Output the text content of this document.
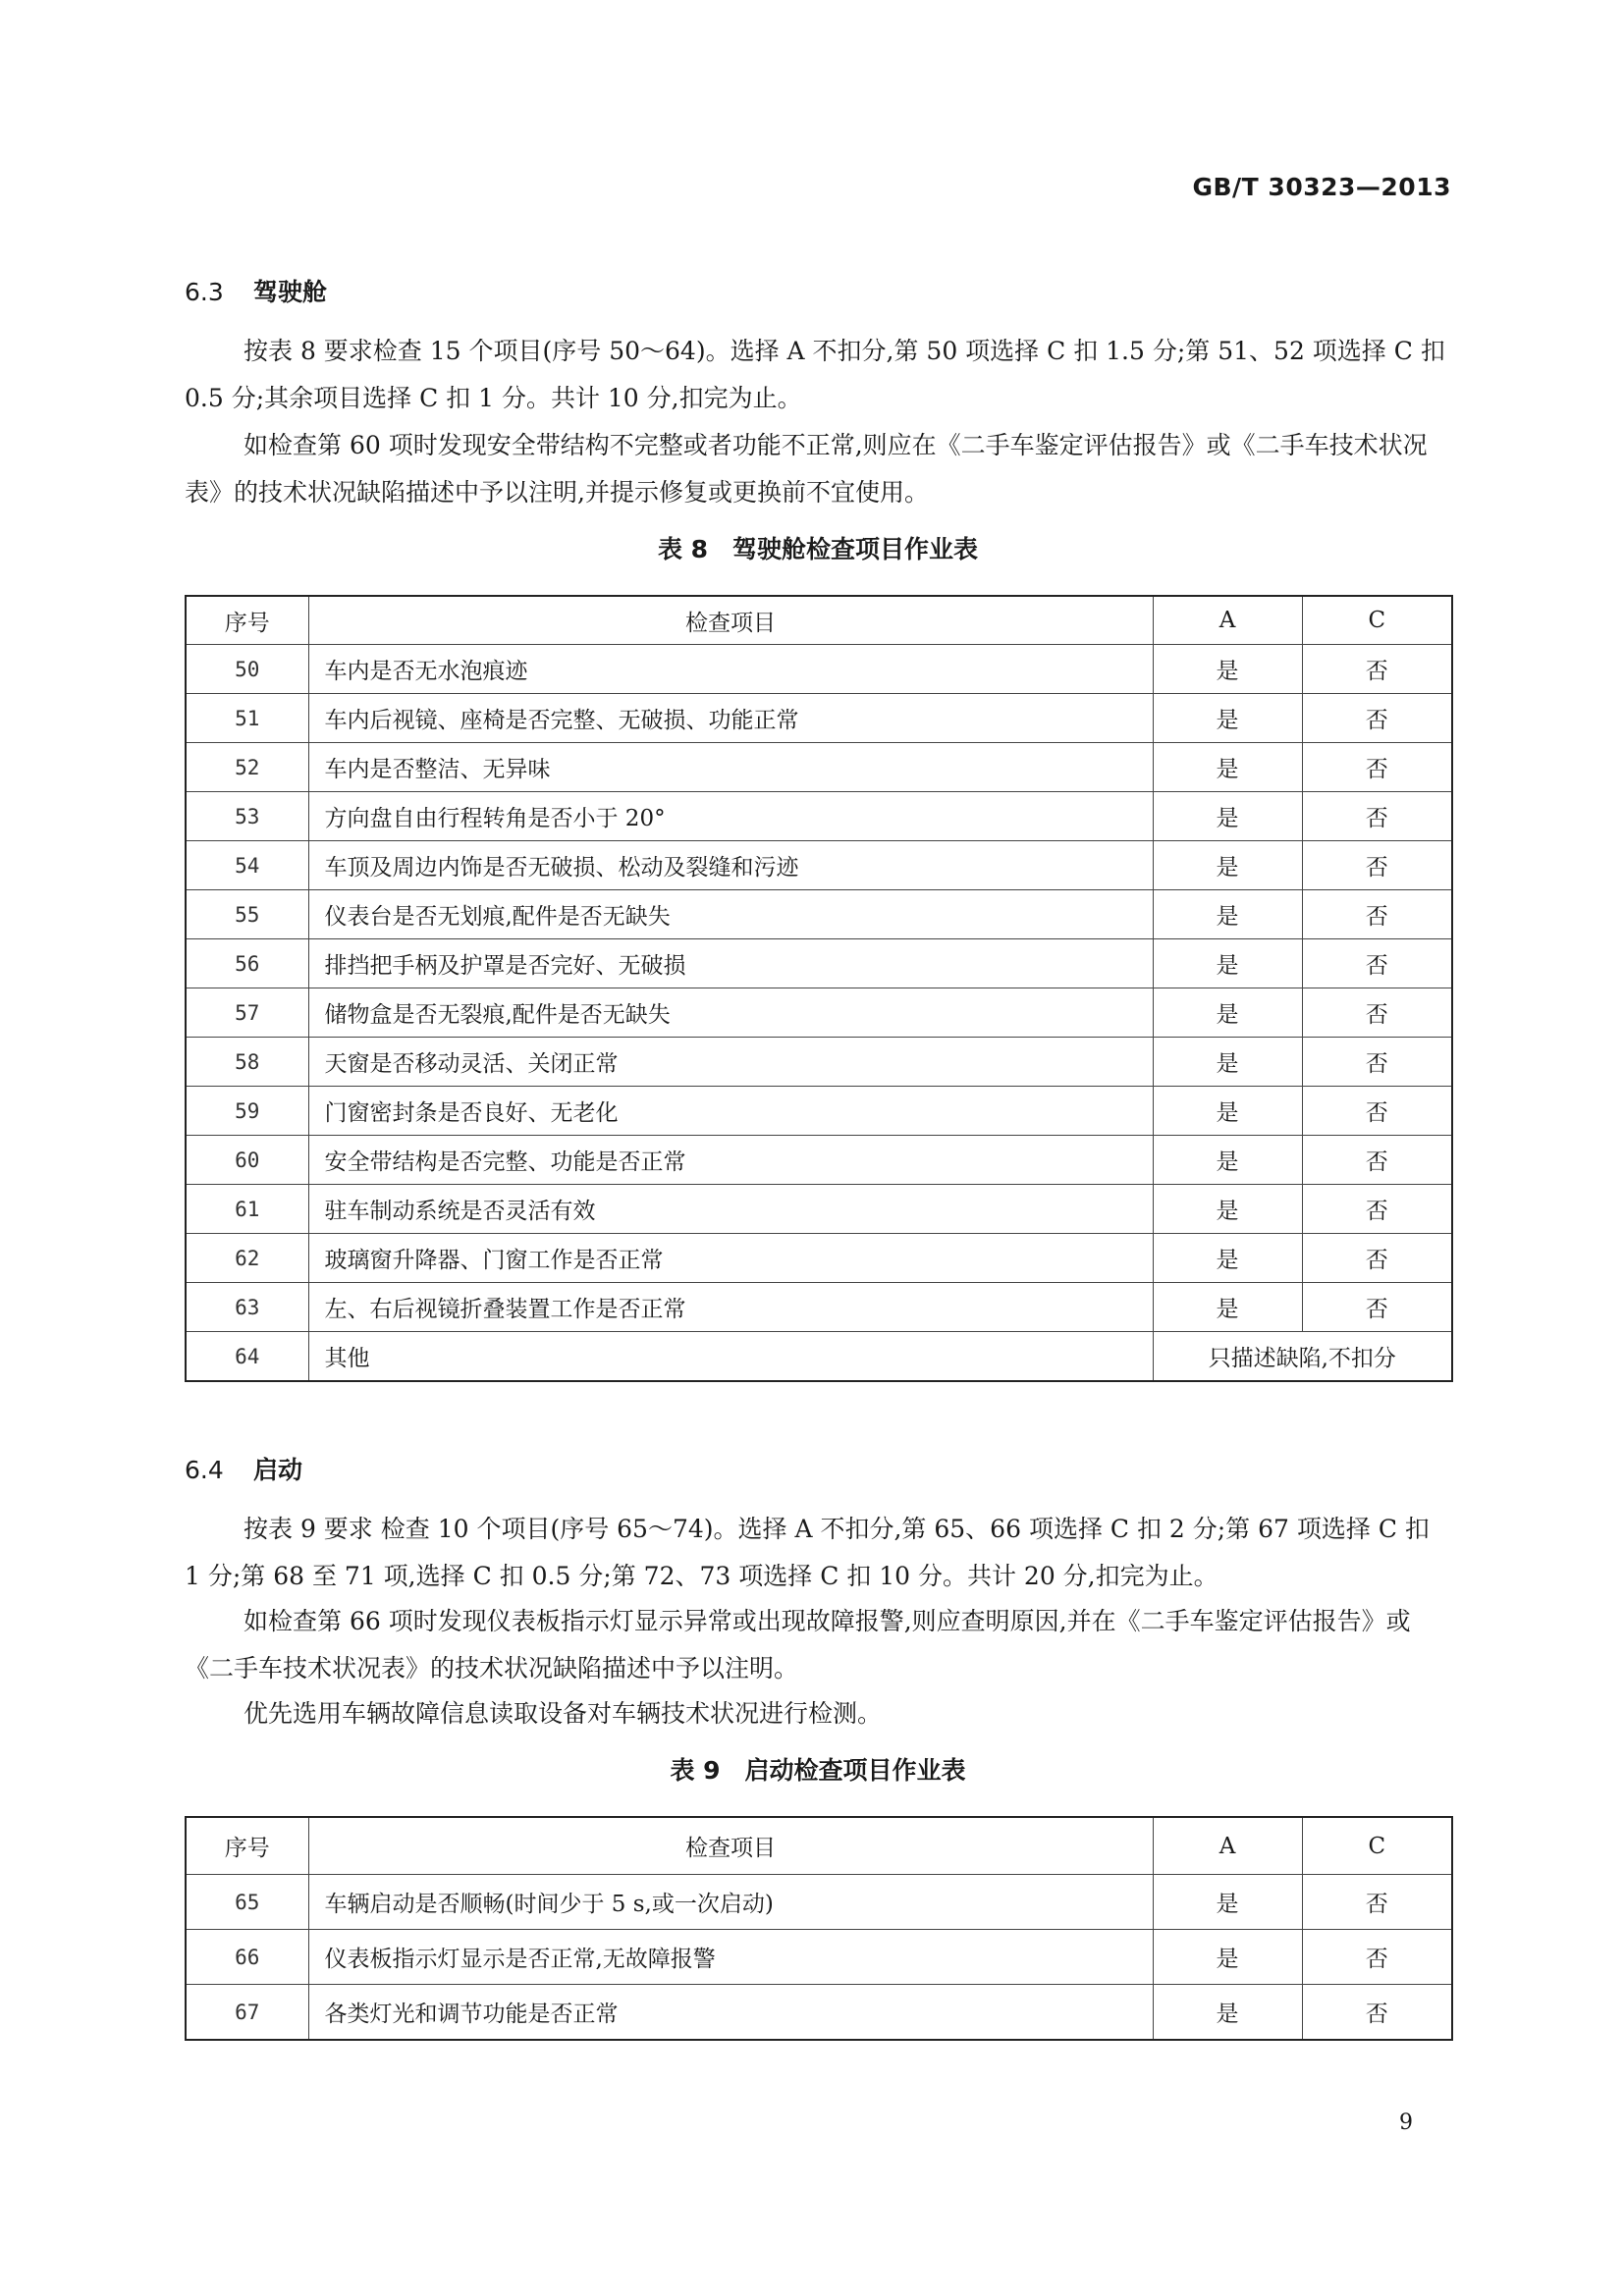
GB/T 30323—2013
6.3 驾驶舱

按表 8 要求检查 15 个项目(序号 50～64)。选择 A 不扣分,第 50 项选择 C 扣 1.5 分;第 51、52 项选择 C 扣 0.5 分;其余项目选择 C 扣 1 分。共计 10 分,扣完为止。

如检查第 60 项时发现安全带结构不完整或者功能不正常,则应在《二手车鉴定评估报告》或《二手车技术状况表》的技术状况缺陷描述中予以注明,并提示修复或更换前不宜使用。

表 8　驾驶舱检查项目作业表
序号	检查项目	A	C
50	车内是否无水泡痕迹	是	否
51	车内后视镜、座椅是否完整、无破损、功能正常	是	否
52	车内是否整洁、无异味	是	否
53	方向盘自由行程转角是否小于 20°	是	否
54	车顶及周边内饰是否无破损、松动及裂缝和污迹	是	否
55	仪表台是否无划痕,配件是否无缺失	是	否
56	排挡把手柄及护罩是否完好、无破损	是	否
57	储物盒是否无裂痕,配件是否无缺失	是	否
58	天窗是否移动灵活、关闭正常	是	否
59	门窗密封条是否良好、无老化	是	否
60	安全带结构是否完整、功能是否正常	是	否
61	驻车制动系统是否灵活有效	是	否
62	玻璃窗升降器、门窗工作是否正常	是	否
63	左、右后视镜折叠装置工作是否正常	是	否
64	其他	只描述缺陷,不扣分	
6.4 启动

按表 9 要求 检查 10 个项目(序号 65～74)。选择 A 不扣分,第 65、66 项选择 C 扣 2 分;第 67 项选择 C 扣 1 分;第 68 至 71 项,选择 C 扣 0.5 分;第 72、73 项选择 C 扣 10 分。共计 20 分,扣完为止。

如检查第 66 项时发现仪表板指示灯显示异常或出现故障报警,则应查明原因,并在《二手车鉴定评估报告》或《二手车技术状况表》的技术状况缺陷描述中予以注明。

优先选用车辆故障信息读取设备对车辆技术状况进行检测。

表 9　启动检查项目作业表
序号	检查项目	A	C
65	车辆启动是否顺畅(时间少于 5 s,或一次启动)	是	否
66	仪表板指示灯显示是否正常,无故障报警	是	否
67	各类灯光和调节功能是否正常	是	否
9
